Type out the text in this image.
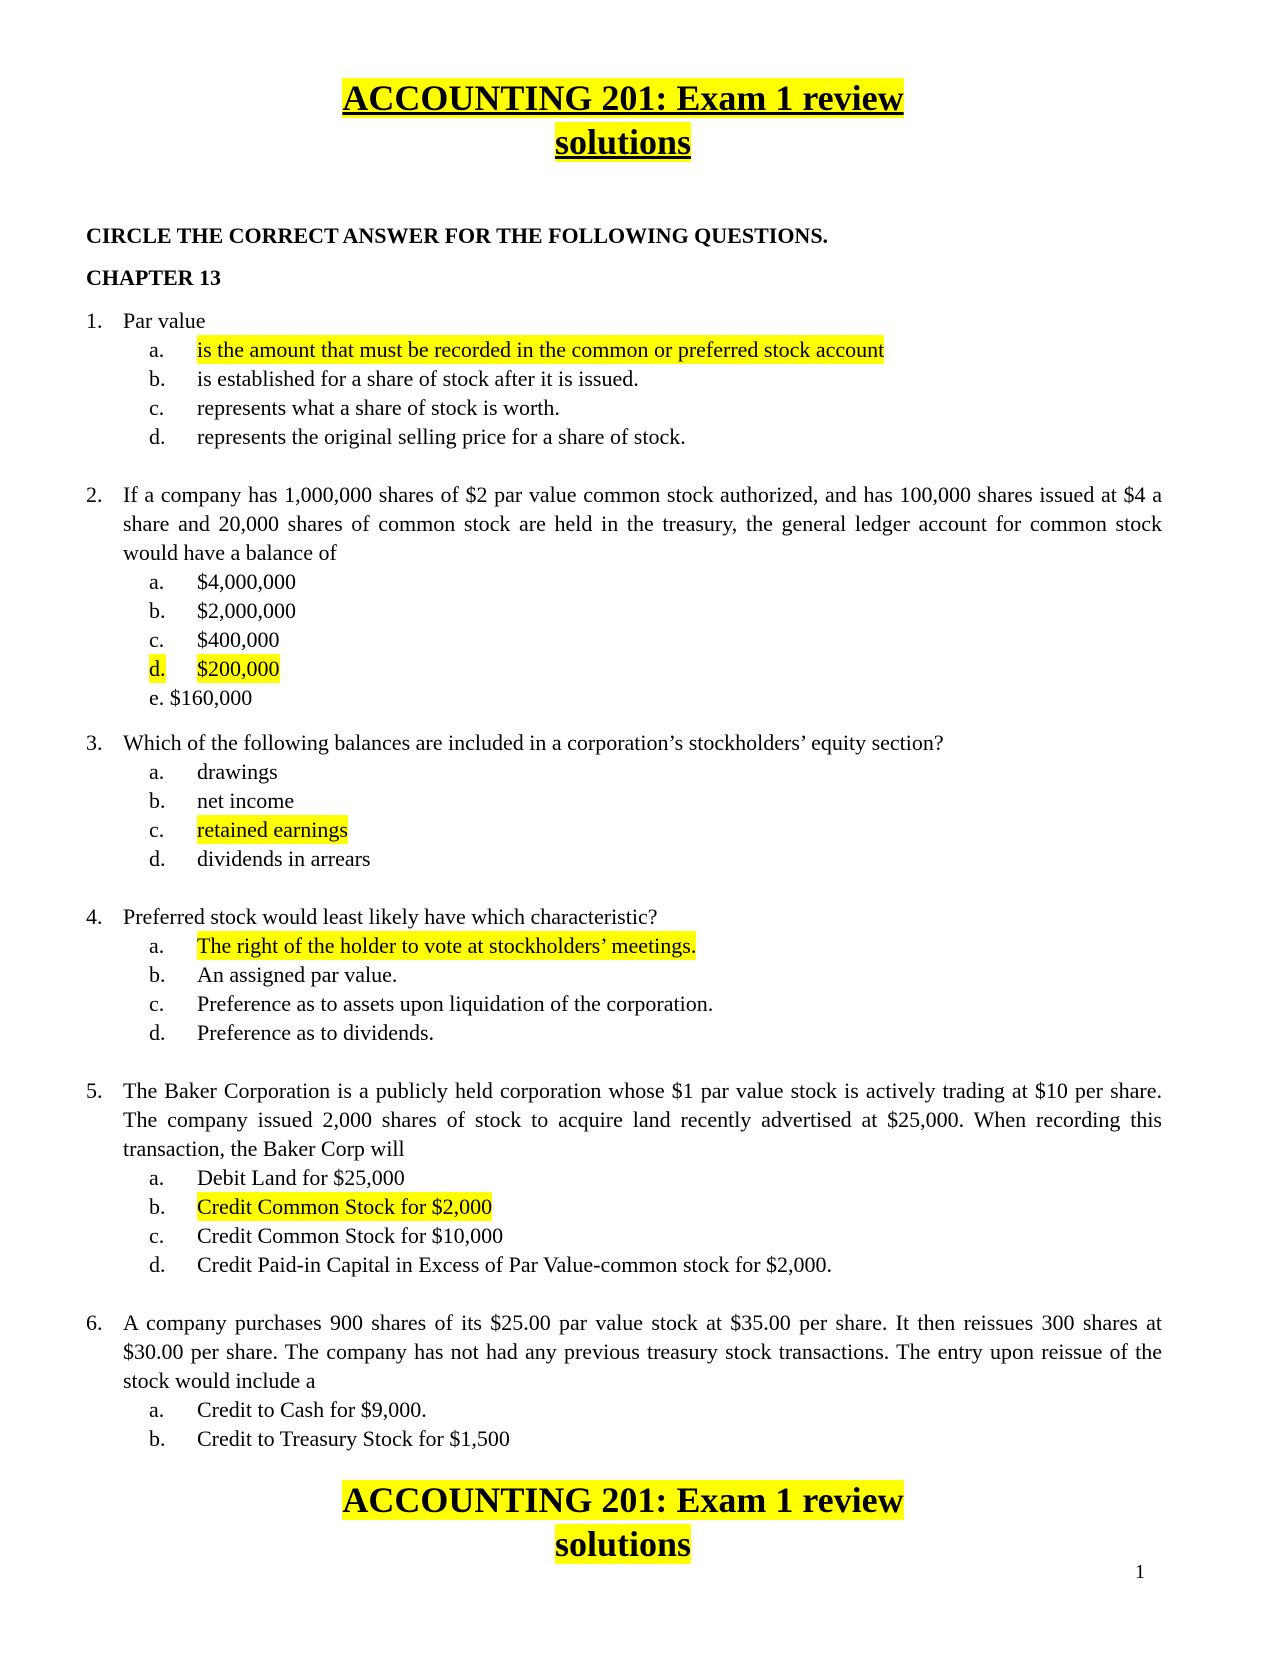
ACCOUNTING 201: Exam 1 review
solutions
CIRCLE THE CORRECT ANSWER FOR THE FOLLOWING QUESTIONS.
CHAPTER 13
1. Par value
a. is the amount that must be recorded in the common or preferred stock account
b. is established for a share of stock after it is issued.
c. represents what a share of stock is worth.
d. represents the original selling price for a share of stock.
2. If a company has 1,000,000 shares of $2 par value common stock authorized, and has 100,000 shares issued at $4 a share and 20,000 shares of common stock are held in the treasury, the general ledger account for common stock would have a balance of
a. $4,000,000
b. $2,000,000
c. $400,000
d. $200,000
e. $160,000
3. Which of the following balances are included in a corporation’s stockholders’ equity section?
a. drawings
b. net income
c. retained earnings
d. dividends in arrears
4. Preferred stock would least likely have which characteristic?
a. The right of the holder to vote at stockholders’ meetings.
b. An assigned par value.
c. Preference as to assets upon liquidation of the corporation.
d. Preference as to dividends.
5. The Baker Corporation is a publicly held corporation whose $1 par value stock is actively trading at $10 per share. The company issued 2,000 shares of stock to acquire land recently advertised at $25,000. When recording this transaction, the Baker Corp will
a. Debit Land for $25,000
b. Credit Common Stock for $2,000
c. Credit Common Stock for $10,000
d. Credit Paid-in Capital in Excess of Par Value-common stock for $2,000.
6. A company purchases 900 shares of its $25.00 par value stock at $35.00 per share. It then reissues 300 shares at $30.00 per share. The company has not had any previous treasury stock transactions. The entry upon reissue of the stock would include a
a. Credit to Cash for $9,000.
b. Credit to Treasury Stock for $1,500
ACCOUNTING 201: Exam 1 review
solutions
1
